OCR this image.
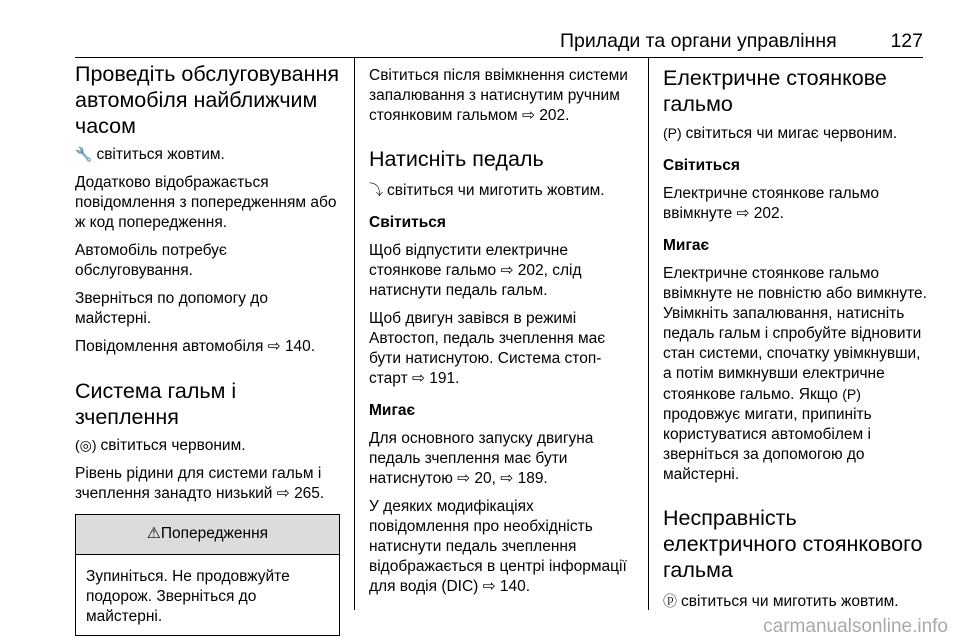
Прилади та органи управління	127
Проведіть обслуговування автомобіля найближчим часом

🔧 світиться жовтим.

Додатково відображається повідомлення з попередженням або ж код попередження.

Автомобіль потребує обслуговування.

Зверніться по допомогу до майстерні.

Повідомлення автомобіля ⇨ 140.

Система гальм і зчеплення

(◎) світиться червоним.

Рівень рідини для системи гальм і зчеплення занадто низький ⇨ 265.

⚠Попередження

Зупиніться. Не продовжуйте подорож. Зверніться до майстерні.

Світиться після ввімкнення системи запалювання з натиснутим ручним стоянковим гальмом ⇨ 202.

Натисніть педаль

⤵ світиться чи миготить жовтим.

Світиться

Щоб відпустити електричне стоянкове гальмо ⇨ 202, слід натиснути педаль гальм.

Щоб двигун завівся в режимі Автостоп, педаль зчеплення має бути натиснутою. Система стоп-старт ⇨ 191.

Мигає

Для основного запуску двигуна педаль зчеплення має бути натиснутою ⇨ 20, ⇨ 189.

У деяких модифікаціях повідомлення про необхідність натиснути педаль зчеплення відображається в центрі інформації для водія (DIC) ⇨ 140.

Електричне стоянкове гальмо

(P) світиться чи мигає червоним.

Світиться

Електричне стоянкове гальмо ввімкнуте ⇨ 202.

Мигає

Електричне стоянкове гальмо ввімкнуте не повністю або вимкнуте. Увімкніть запалювання, натисніть педаль гальм і спробуйте відновити стан системи, спочатку увімкнувши, а потім вимкнувши електричне стоянкове гальмо. Якщо (P)продовжує мигати, припиніть користуватися автомобілем і зверніться за допомогою до майстерні.

Несправність електричного стоянкового гальма

ⓟ світиться чи миготить жовтим.

carmanualsonline.info
